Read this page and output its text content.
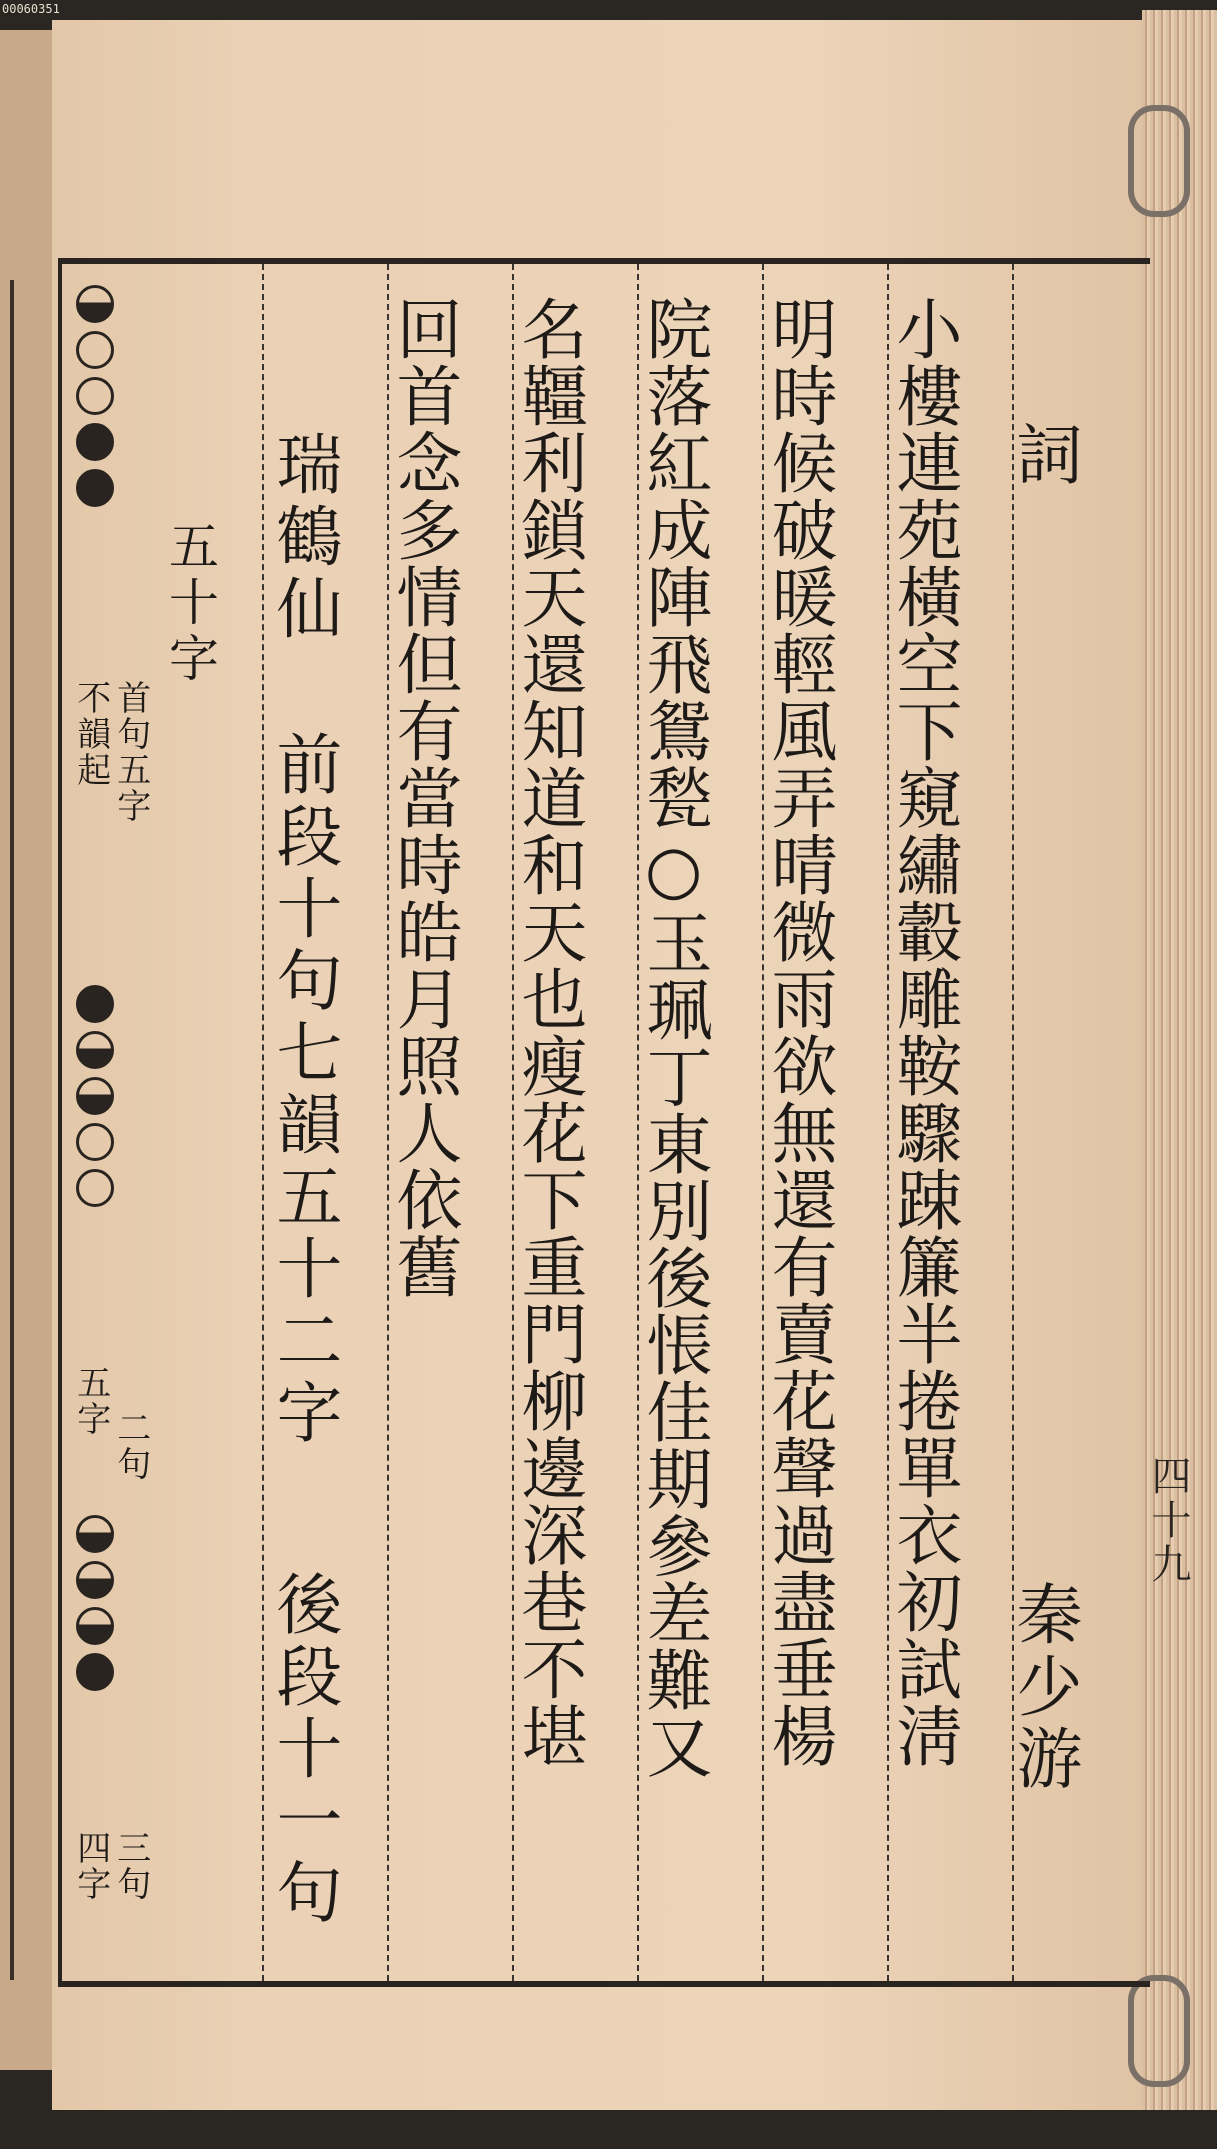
00060351
四十九
詞
秦少游
小樓連苑橫空下窺繡轂雕鞍驟踈簾半捲單衣初試淸
明時候破暖輕風弄晴微雨欲無還有賣花聲過盡垂楊
院落紅成陣飛鴛甃○玉珮丁東別後悵佳期參差難又
名韁利鎖天還知道和天也瘦花下重門柳邊深巷不堪
回首念多情但有當時皓月照人依舊
瑞鶴仙
前段十句七韻五十二字
後段十一句
五十字
首句五字
不韻起
二句
五字
三句
四字
